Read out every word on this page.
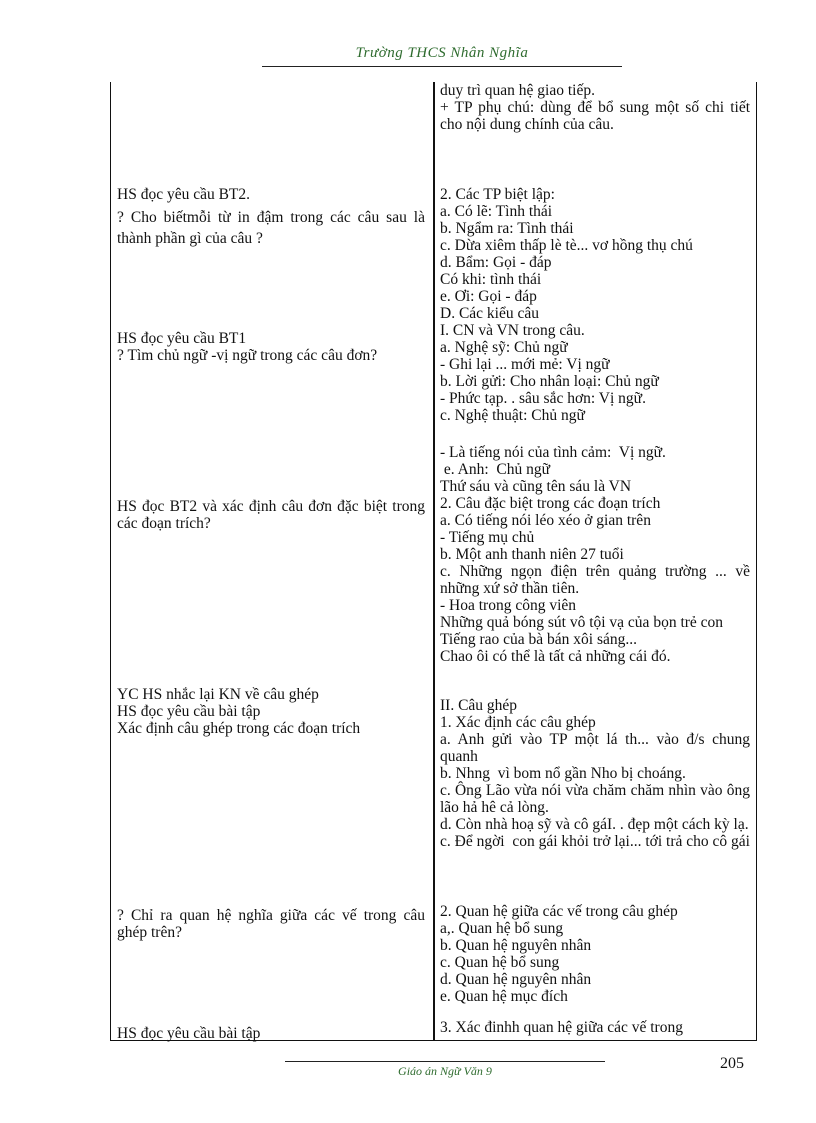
Trường THCS Nhân Nghĩa
duy trì quan hệ giao tiếp.
+ TP phụ chú: dùng để bổ sung một số chi tiết cho nội dung chính của câu.
HS đọc yêu cầu BT2.
? Cho biếtmỗi từ in đậm trong các câu sau là thành phần gì của câu ?
2. Các TP biệt lập:
a. Có lẽ: Tình thái
b. Ngẩm ra: Tình thái
c. Dừa xiêm thấp lè tè... vơ hồng thụ chú
d. Bẩm: Gọi - đáp
Có khi: tình thái
e. Ơi: Gọi - đáp
D. Các kiểu câu
I. CN và VN trong câu.
a. Nghệ sỹ: Chủ ngữ
- Ghi lại ... mới mẻ: Vị ngữ
b. Lời gửi: Cho nhân loại: Chủ ngữ
- Phức tạp. . sâu sắc hơn: Vị ngữ.
c. Nghệ thuật: Chủ ngữ
HS đọc yêu cầu BT1
? Tìm chủ ngữ -vị ngữ trong các câu đơn?
- Là tiếng nói của tình cảm:  Vị ngữ.
e. Anh:  Chủ ngữ
Thứ sáu và cũng tên sáu là VN
2. Câu đặc biệt trong các đoạn trích
a. Có tiếng nói léo xéo ở gian trên
- Tiếng mụ chủ
b. Một anh thanh niên 27 tuổi
c. Những ngọn điện trên quảng trường ... về những xứ sở thần tiên.
- Hoa trong công viên
Những quả bóng sút vô tội vạ của bọn trẻ con
Tiếng rao của bà bán xôi sáng...
Chao ôi có thể là tất cả những cái đó.
HS đọc BT2 và xác định câu đơn đặc biệt trong các đoạn trích?
YC HS nhắc lại KN về câu ghép
HS đọc yêu cầu bài tập
Xác định câu ghép trong các đoạn trích
II. Câu ghép
1. Xác định các câu ghép
a. Anh gửi vào TP một lá th... vào đ/s chung quanh
b. Nhng  vì bom nổ gần Nho bị choáng.
c. Ông Lão vừa nói vừa chăm chăm nhìn vào ông lão hả hê cả lòng.
d. Còn nhà hoạ sỹ và cô gáI. . đẹp một cách kỳ lạ.
c. Để ngời  con gái khỏi trở lại... tới trả cho cô gái
? Chỉ ra quan hệ nghĩa giữa các vế trong câu ghép trên?
2. Quan hệ giữa các vế trong câu ghép
a,. Quan hệ bổ sung
b. Quan hệ nguyên nhân
c. Quan hệ bổ sung
d. Quan hệ nguyên nhân
e. Quan hệ mục đích
HS đọc yêu cầu bài tập	3. Xác đinhh quan hệ giữa các vế trong
Giáo án Ngữ Văn 9	205
